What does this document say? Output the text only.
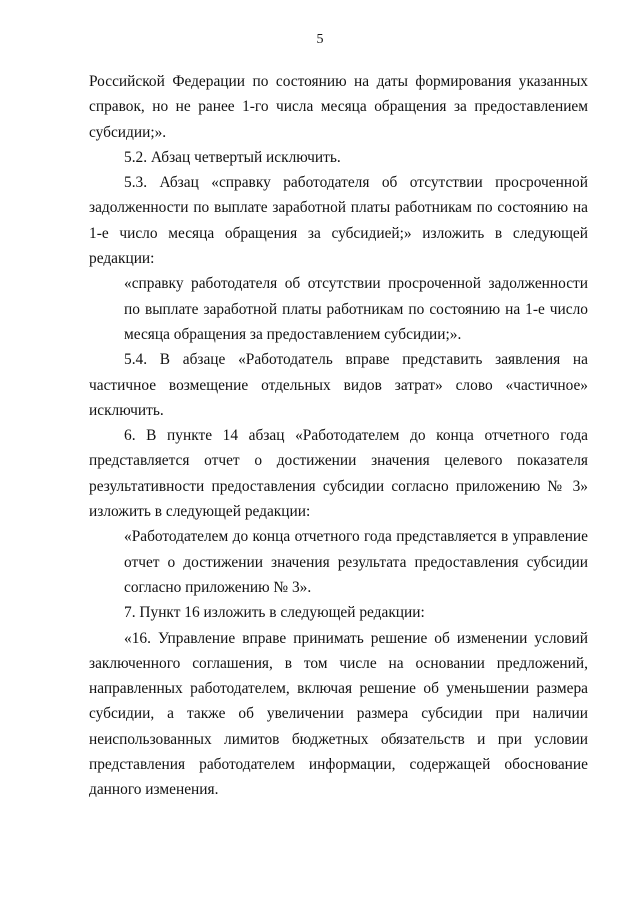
5

Российской Федерации по состоянию на даты формирования указанных справок, но не ранее 1-го числа месяца обращения за предоставлением субсидии;».

5.2. Абзац четвертый исключить.

5.3. Абзац «справку работодателя об отсутствии просроченной задолженности по выплате заработной платы работникам по состоянию на 1-е число месяца обращения за субсидией;» изложить в следующей редакции:

«справку работодателя об отсутствии просроченной задолженности по выплате заработной платы работникам по состоянию на 1-е число месяца обращения за предоставлением субсидии;».

5.4. В абзаце «Работодатель вправе представить заявления на частичное возмещение отдельных видов затрат» слово «частичное» исключить.

6. В пункте 14 абзац «Работодателем до конца отчетного года представляется отчет о достижении значения целевого показателя результативности предоставления субсидии согласно приложению № 3» изложить в следующей редакции:

«Работодателем до конца отчетного года представляется в управление отчет о достижении значения результата предоставления субсидии согласно приложению № 3».

7. Пункт 16 изложить в следующей редакции:

«16. Управление вправе принимать решение об изменении условий заключенного соглашения, в том числе на основании предложений, направленных работодателем, включая решение об уменьшении размера субсидии, а также об увеличении размера субсидии при наличии неиспользованных лимитов бюджетных обязательств и при условии представления работодателем информации, содержащей обоснование данного изменения.
